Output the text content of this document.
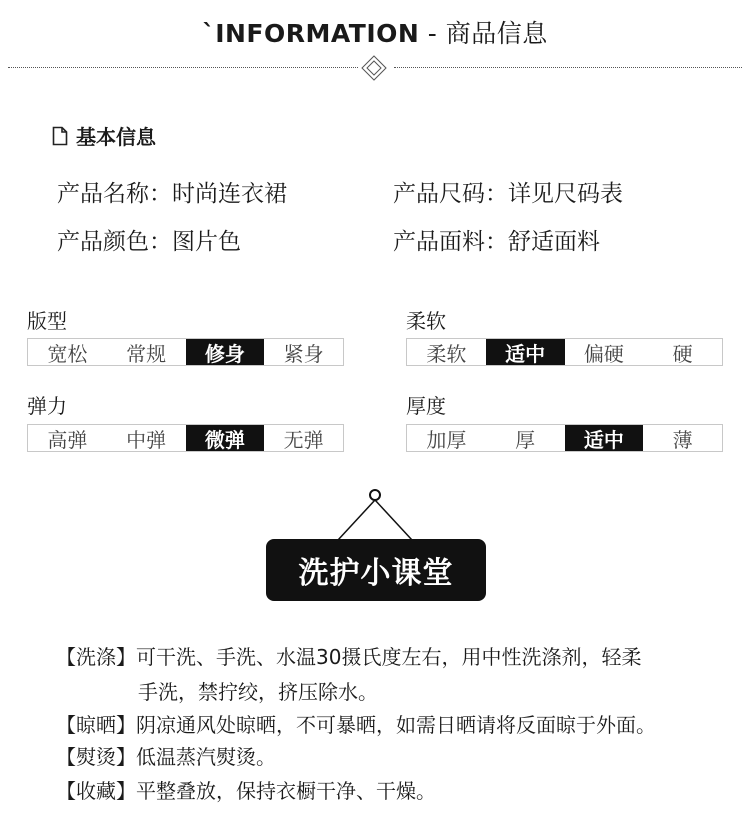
`INFORMATION - 商品信息
基本信息
产品名称：时尚连衣裙	产品尺码：详见尺码表
产品颜色：图片色	产品面料：舒适面料
版型
宽松	常规	修身	紧身
柔软
柔软	适中	偏硬	硬
弹力
高弹	中弹	微弹	无弹
厚度
加厚	厚	适中	薄
洗护小课堂
【洗涤】可干洗、手洗、水温30摄氏度左右，用中性洗涤剂，轻柔
手洗，禁拧绞，挤压除水。
【晾晒】阴凉通风处晾晒，不可暴晒，如需日晒请将反面晾于外面。
【熨烫】低温蒸汽熨烫。
【收藏】平整叠放，保持衣橱干净、干燥。
